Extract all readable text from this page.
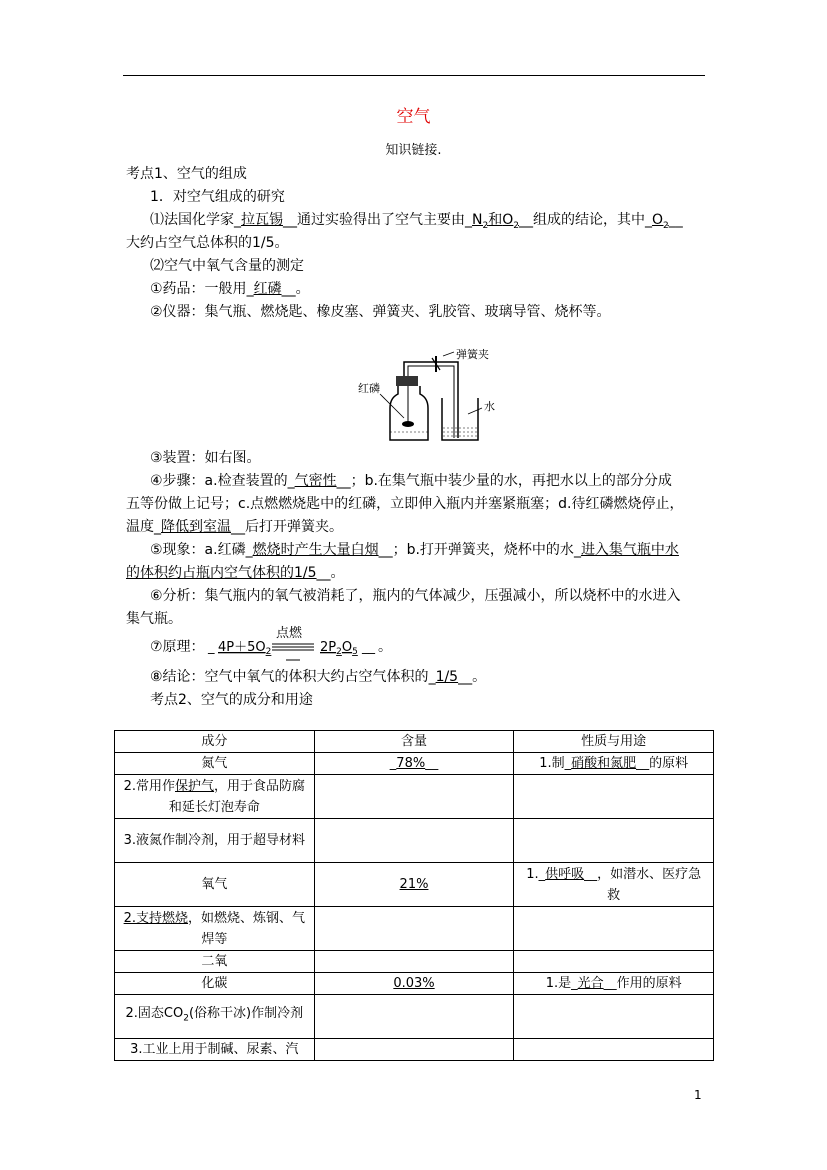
空气
知识链接.
考点1、空气的组成
1．对空气组成的研究
⑴法国化学家_拉瓦锡__通过实验得出了空气主要由$\_N_2$和$O_2\_\_$组成的结论，其中$\_O_2\_\_$
大约占空气总体积的1/5。
⑵空气中氧气含量的测定
①药品：一般用_红磷__。
②仪器：集气瓶、燃烧匙、橡皮塞、弹簧夹、乳胶管、玻璃导管、烧杯等。
弹簧夹
红磷
水
③装置：如右图。
④步骤：a.检查装置的_气密性__；b.在集气瓶中装少量的水，再把水以上的部分分成
五等份做上记号；c.点燃燃烧匙中的红磷，立即伸入瓶内并塞紧瓶塞；d.待红磷燃烧停止，
温度_降低到室温__后打开弹簧夹。
⑤现象：a.红磷_燃烧时产生大量白烟__；b.打开弹簧夹，烧杯中的水_进入集气瓶中水
的体积约占瓶内空气体积的1/5__。
⑥分析：集气瓶内的氧气被消耗了，瓶内的气体减少，压强减小，所以烧杯中的水进入
集气瓶。
⑦原理： _ $4P+5O_2$
点燃
$2P_2O_5$ __ 。
⑧结论：空气中氧气的体积大约占空气体积的_1/5__。
考点2、空气的成分和用途
成分	含量	性质与用途
氮气	_78%__	1.制_硝酸和氮肥__的原料
2.常用作保护气，用于食品防腐和延长灯泡寿命		
3.液氮作制冷剂，用于超导材料		
氧气	21%	1._供呼吸__，如潜水、医疗急救
2.支持燃烧，如燃烧、炼钢、气焊等		
二氧		
化碳	0.03%	1.是_光合__作用的原料
2.固态$CO_2$(俗称干冰)作制冷剂		
3.工业上用于制碱、尿素、汽		
1
